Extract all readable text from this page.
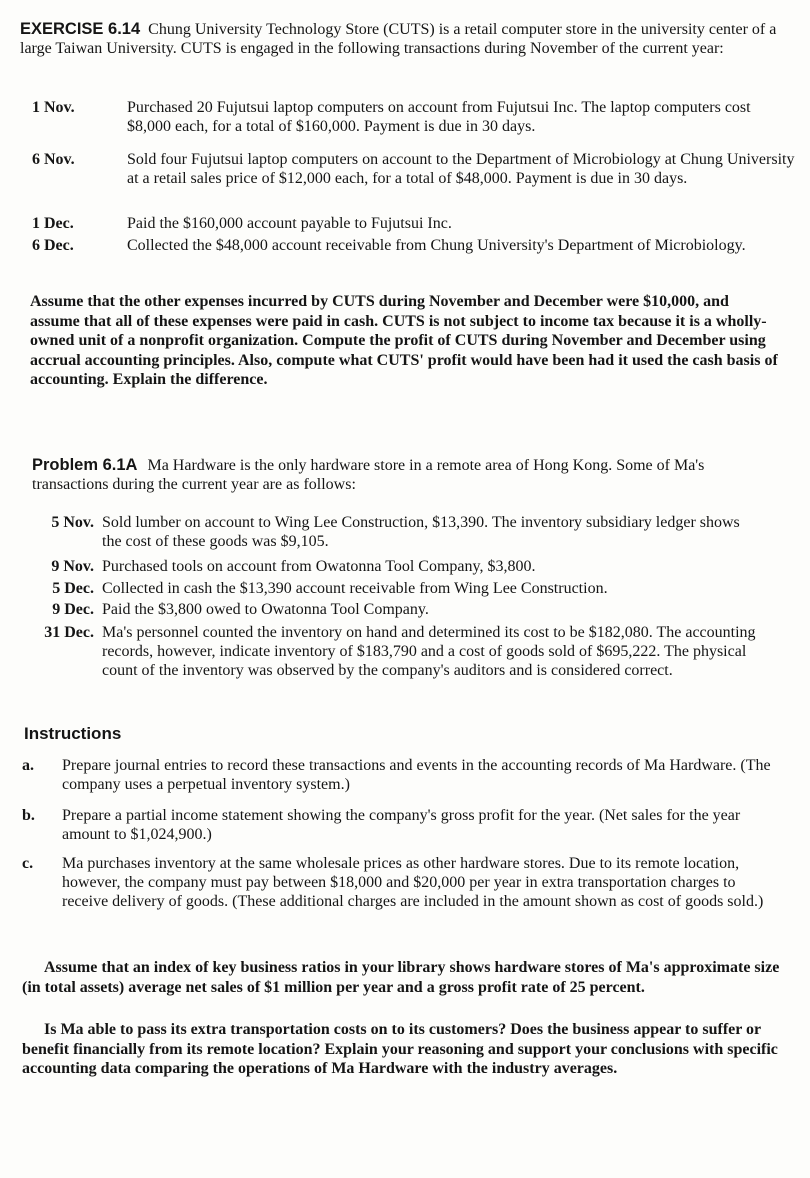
EXERCISE 6.14 Chung University Technology Store (CUTS) is a retail computer store in the university center of a large Taiwan University. CUTS is engaged in the following transactions during November of the current year:
1 Nov.	Purchased 20 Fujutsui laptop computers on account from Fujutsui Inc. The laptop computers cost $8,000 each, for a total of $160,000. Payment is due in 30 days.
6 Nov.	Sold four Fujutsui laptop computers on account to the Department of Microbiology at Chung University at a retail sales price of $12,000 each, for a total of $48,000. Payment is due in 30 days.
1 Dec.	Paid the $160,000 account payable to Fujutsui Inc.
6 Dec.	Collected the $48,000 account receivable from Chung University's Department of Microbiology.

Assume that the other expenses incurred by CUTS during November and December were $10,000, and assume that all of these expenses were paid in cash. CUTS is not subject to income tax because it is a wholly-owned unit of a nonprofit organization. Compute the profit of CUTS during November and December using accrual accounting principles. Also, compute what CUTS' profit would have been had it used the cash basis of accounting. Explain the difference.

Problem 6.1A Ma Hardware is the only hardware store in a remote area of Hong Kong. Some of Ma's transactions during the current year are as follows:
5 Nov. Sold lumber on account to Wing Lee Construction, $13,390. The inventory subsidiary ledger shows the cost of these goods was $9,105.
9 Nov. Purchased tools on account from Owatonna Tool Company, $3,800.
5 Dec. Collected in cash the $13,390 account receivable from Wing Lee Construction.
9 Dec. Paid the $3,800 owed to Owatonna Tool Company.
31 Dec. Ma's personnel counted the inventory on hand and determined its cost to be $182,080. The accounting records, however, indicate inventory of $183,790 and a cost of goods sold of $695,222. The physical count of the inventory was observed by the company's auditors and is considered correct.
Instructions
a. Prepare journal entries to record these transactions and events in the accounting records of Ma Hardware. (The company uses a perpetual inventory system.)
b. Prepare a partial income statement showing the company's gross profit for the year. (Net sales for the year amount to $1,024,900.)
c. Ma purchases inventory at the same wholesale prices as other hardware stores. Due to its remote location, however, the company must pay between $18,000 and $20,000 per year in extra transportation charges to receive delivery of goods. (These additional charges are included in the amount shown as cost of goods sold.)

Assume that an index of key business ratios in your library shows hardware stores of Ma's approximate size (in total assets) average net sales of $1 million per year and a gross profit rate of 25 percent.

Is Ma able to pass its extra transportation costs on to its customers? Does the business appear to suffer or benefit financially from its remote location? Explain your reasoning and support your conclusions with specific accounting data comparing the operations of Ma Hardware with the industry averages.
